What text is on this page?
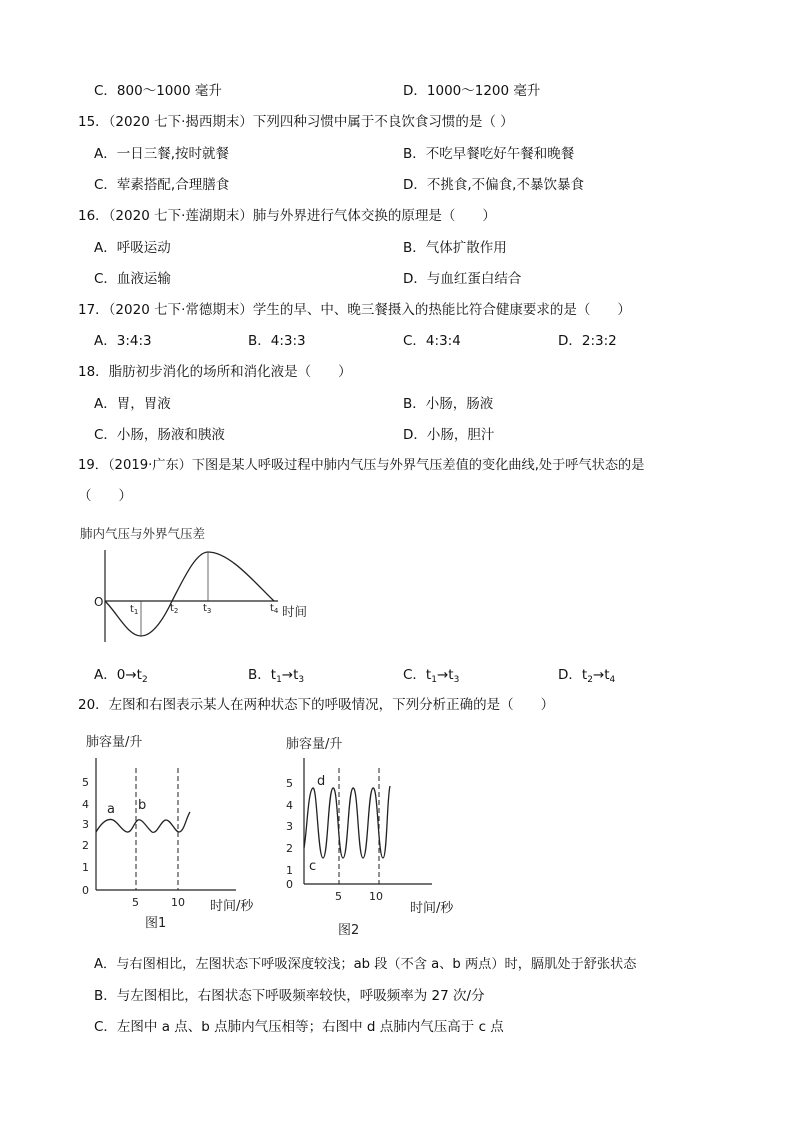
C．800～1000 毫升	D．1000～1200 毫升
15．（2020 七下·揭西期末）下列四种习惯中属于不良饮食习惯的是（ ）
A．一日三餐,按时就餐	B．不吃早餐吃好午餐和晚餐
C．荤素搭配,合理膳食	D．不挑食,不偏食,不暴饮暴食
16．（2020 七下·莲湖期末）肺与外界进行气体交换的原理是（　　）
A．呼吸运动	B．气体扩散作用
C．血液运输	D．与血红蛋白结合
17．（2020 七下·常德期末）学生的早、中、晚三餐摄入的热能比符合健康要求的是（　　）
A．3:4:3	B．4:3:3	C．4:3:4	D．2:3:2
18．脂肪初步消化的场所和消化液是（　　）
A．胃，胃液	B．小肠，肠液
C．小肠，肠液和胰液	D．小肠，胆汁
19．（2019·广东）下图是某人呼吸过程中肺内气压与外界气压差值的变化曲线,处于呼气状态的是
（　　）
肺内气压与外界气压差
O
$t_1$	$t_2$ $t_3$	$t_4$ 时间
A．$0\to t_2$	B．$t_1\to t_3$	C．$t_1\to t_3$	D．$t_2\to t_4$
20．左图和右图表示某人在两种状态下的呼吸情况，下列分析正确的是（　　）
肺容量/升
0
1
2
3
4
5
a b
5	10 时间/秒
图1
肺容量/升
0
1
2
3
4
5 d
c
5 10
时间/秒
图2
A．与右图相比，左图状态下呼吸深度较浅；ab 段（不含 a、b 两点）时，膈肌处于舒张状态
B．与左图相比，右图状态下呼吸频率较快，呼吸频率为 27 次/分
C．左图中 a 点、b 点肺内气压相等；右图中 d 点肺内气压高于 c 点
